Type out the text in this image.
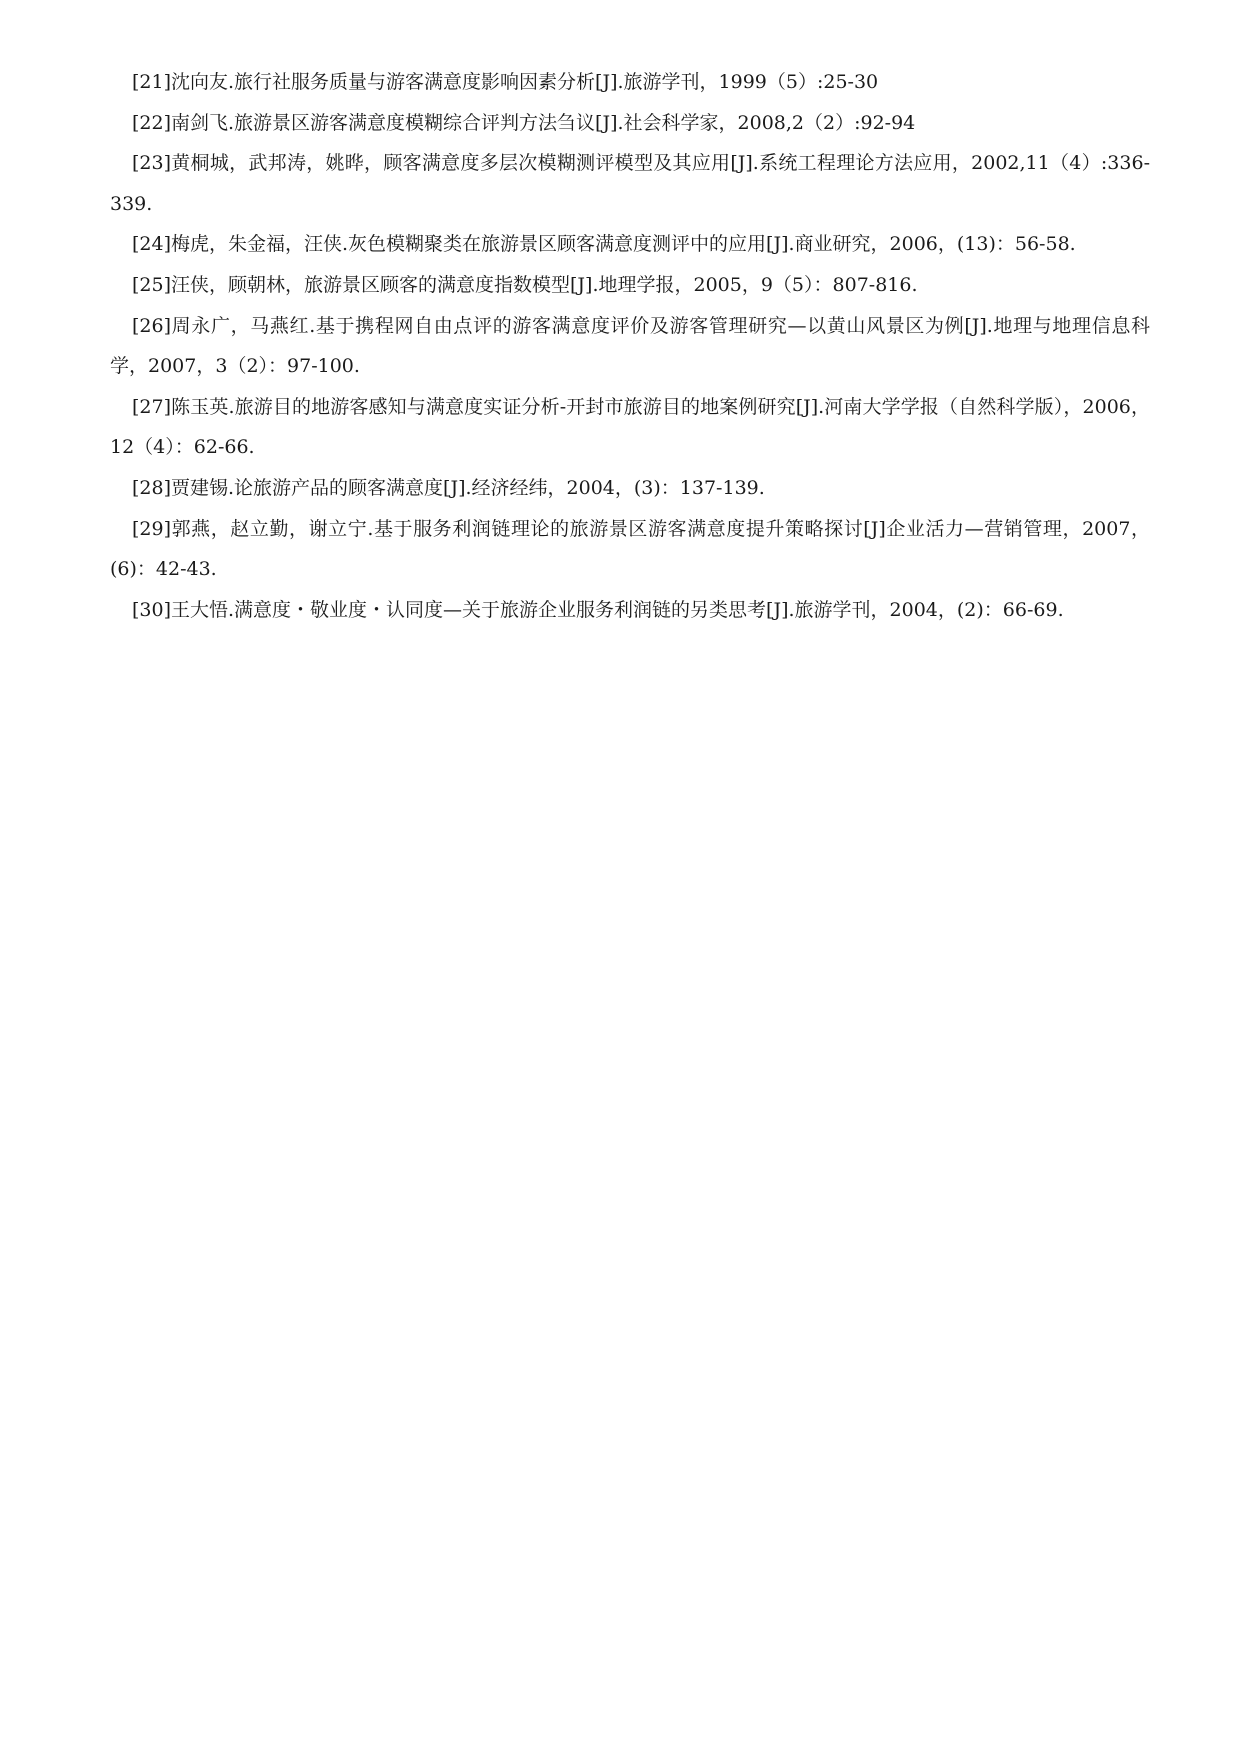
[21]沈向友.旅行社服务质量与游客满意度影响因素分析[J].旅游学刊，1999（5）:25-30

[22]南剑飞.旅游景区游客满意度模糊综合评判方法刍议[J].社会科学家，2008,2（2）:92-94

[23]黄桐城，武邦涛，姚晔，顾客满意度多层次模糊测评模型及其应用[J].系统工程理论方法应用，2002,11（4）:336-339.

[24]梅虎，朱金福，汪侠.灰色模糊聚类在旅游景区顾客满意度测评中的应用[J].商业研究，2006，(13)：56-58.

[25]汪侠，顾朝林，旅游景区顾客的满意度指数模型[J].地理学报，2005，9（5）：807-816.

[26]周永广，马燕红.基于携程网自由点评的游客满意度评价及游客管理研究—以黄山风景区为例[J].地理与地理信息科学，2007，3（2）：97-100.

[27]陈玉英.旅游目的地游客感知与满意度实证分析-开封市旅游目的地案例研究[J].河南大学学报（自然科学版），2006，12（4）：62-66.

[28]贾建锡.论旅游产品的顾客满意度[J].经济经纬，2004，(3)：137-139.

[29]郭燕，赵立勤，谢立宁.基于服务利润链理论的旅游景区游客满意度提升策略探讨[J]企业活力—营销管理，2007，(6)：42-43.

[30]王大悟.满意度・敬业度・认同度—关于旅游企业服务利润链的另类思考[J].旅游学刊，2004，(2)：66-69.
